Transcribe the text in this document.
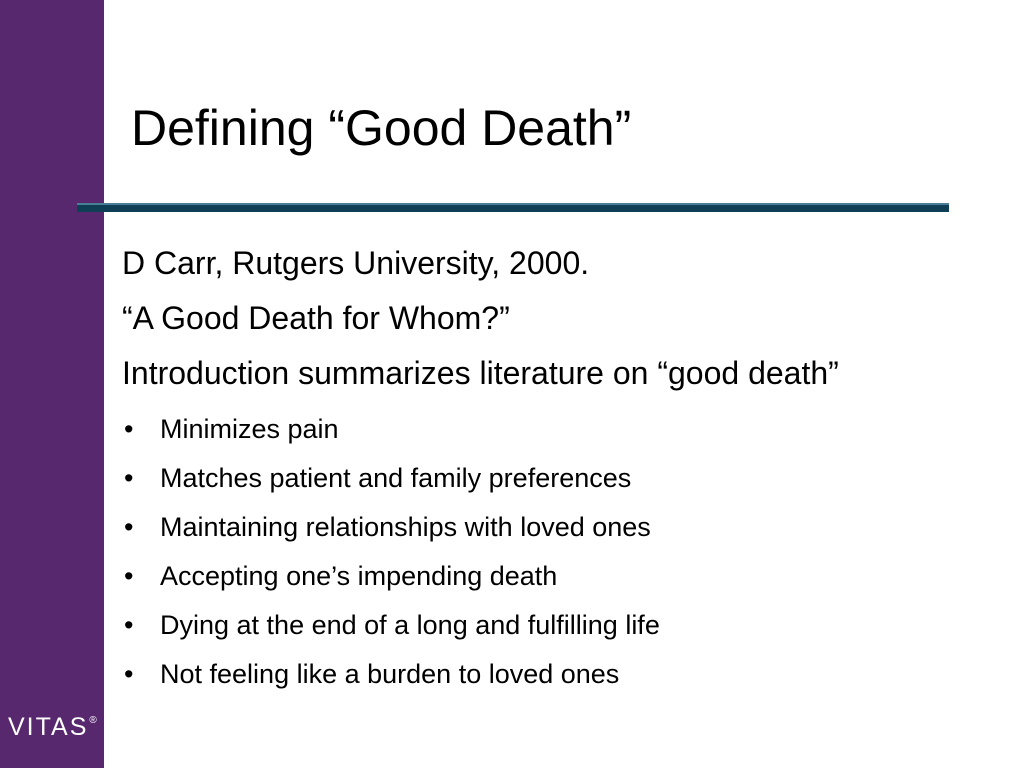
VITAS®
Defining “Good Death”

D Carr, Rutgers University, 2000.

“A Good Death for Whom?”

Introduction summarizes literature on “good death”

• Minimizes pain
• Matches patient and family preferences
• Maintaining relationships with loved ones
• Accepting one’s impending death
• Dying at the end of a long and fulfilling life
• Not feeling like a burden to loved ones
